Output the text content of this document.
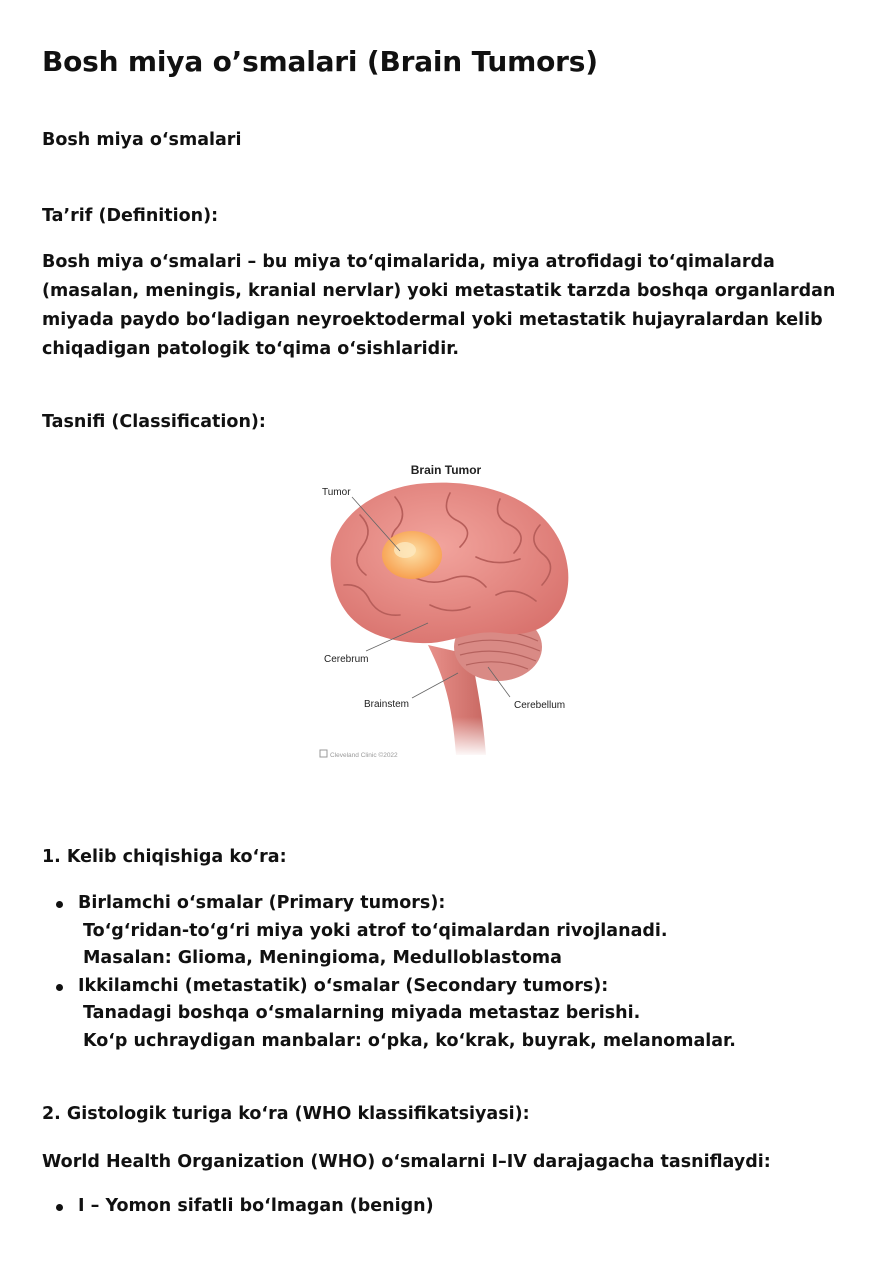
Bosh miya o’smalari (Brain Tumors)

Bosh miya oʻsmalari

Taʼrif (Definition):

Bosh miya oʻsmalari – bu miya toʻqimalarida, miya atrofidagi toʻqimalarda (masalan, meningis, kranial nervlar) yoki metastatik tarzda boshqa organlardan miyada paydo boʻladigan neyroektodermal yoki metastatik hujayralardan kelib chiqadigan patologik toʻqima oʻsishlaridir.

Tasnifi (Classification):

Brain Tumor
Tumor
Cerebrum
Brainstem	Cerebellum
Cleveland Clinic ©2022

1. Kelib chiqishiga koʻra:

Birlamchi oʻsmalar (Primary tumors):
Toʻgʻridan-toʻgʻri miya yoki atrof toʻqimalardan rivojlanadi.
Masalan: Glioma, Meningioma, Medulloblastoma
Ikkilamchi (metastatik) oʻsmalar (Secondary tumors):
Tanadagi boshqa oʻsmalarning miyada metastaz berishi.
Koʻp uchraydigan manbalar: oʻpka, koʻkrak, buyrak, melanomalar.

2. Gistologik turiga koʻra (WHO klassifikatsiyasi):

World Health Organization (WHO) oʻsmalarni I–IV darajagacha tasniflaydi:

I – Yomon sifatli boʻlmagan (benign)
